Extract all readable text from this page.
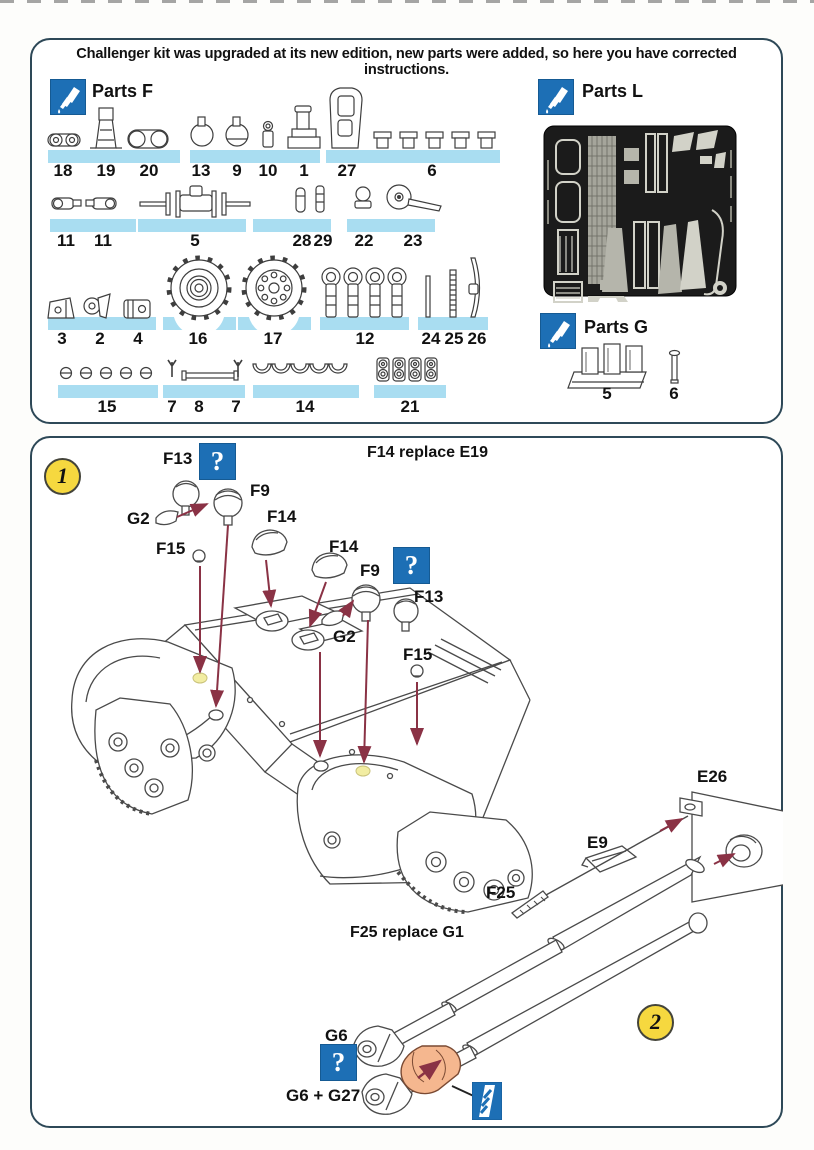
Challenger kit was upgraded at its new edition, new parts were added, so here you have corrected instructions.
Parts F	Parts L
Parts G
18 19 20 13 9 10 1 27	6
11 11	5	28 29 22 23
3 2 4	16	17	12	24 25 26
15	7 8 7	14	21
5	6
1
2
?
?
?
F13
F9
G2	F14
F14
F15
F9
F13
G2
F15
F14 replace E19
E26
E9
F25
F25 replace G1
G6
G6 + G27
